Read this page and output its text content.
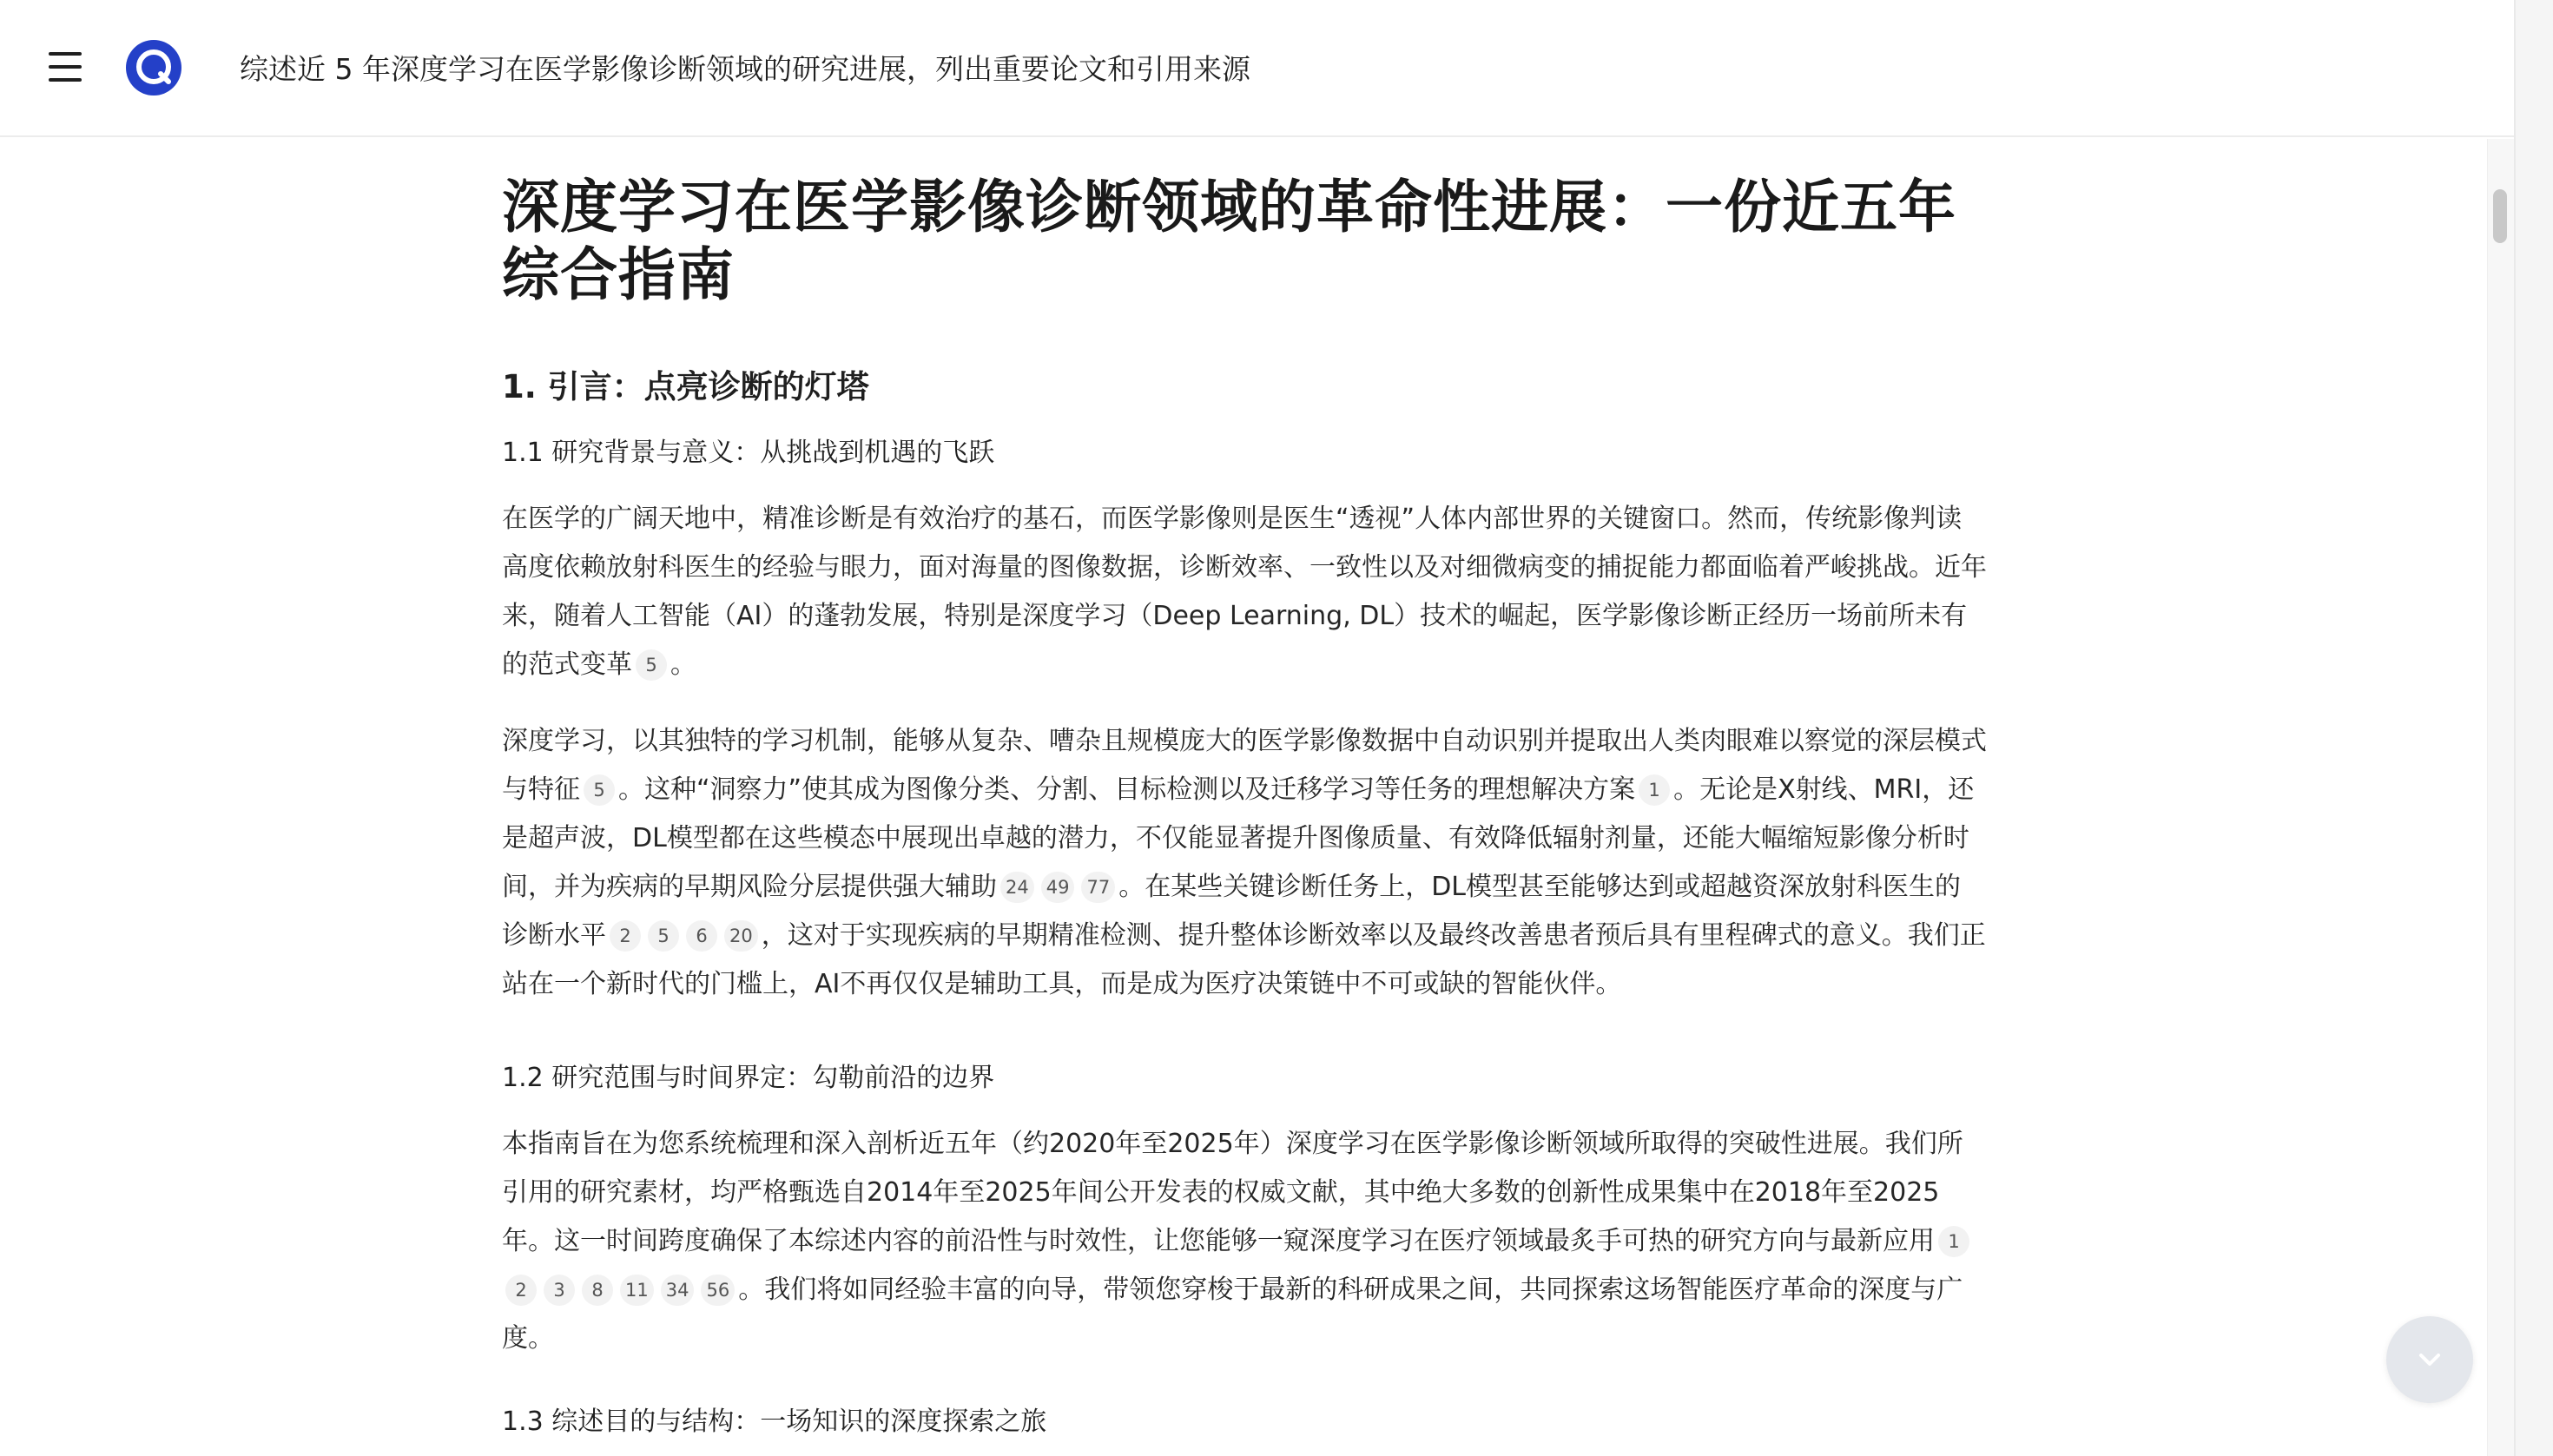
综述近 5 年深度学习在医学影像诊断领域的研究进展，列出重要论文和引用来源
深度学习在医学影像诊断领域的革命性进展：一份近五年综合指南
1. 引言：点亮诊断的灯塔
1.1 研究背景与意义：从挑战到机遇的飞跃

在医学的广阔天地中，精准诊断是有效治疗的基石，而医学影像则是医生“透视”人体内部世界的关键窗口。然而，传统影像判读高度依赖放射科医生的经验与眼力，面对海量的图像数据，诊断效率、一致性以及对细微病变的捕捉能力都面临着严峻挑战。近年来，随着人工智能（AI）的蓬勃发展，特别是深度学习（Deep Learning, DL）技术的崛起，医学影像诊断正经历一场前所未有的范式变革 5 。

深度学习，以其独特的学习机制，能够从复杂、嘈杂且规模庞大的医学影像数据中自动识别并提取出人类肉眼难以察觉的深层模式与特征 5 。这种“洞察力”使其成为图像分类、分割、目标检测以及迁移学习等任务的理想解决方案 1 。无论是X射线、MRI，还是超声波，DL模型都在这些模态中展现出卓越的潜力，不仅能显著提升图像质量、有效降低辐射剂量，还能大幅缩短影像分析时间，并为疾病的早期风险分层提供强大辅助 24 49 77 。在某些关键诊断任务上，DL模型甚至能够达到或超越资深放射科医生的诊断水平 2 5 6 20 ，这对于实现疾病的早期精准检测、提升整体诊断效率以及最终改善患者预后具有里程碑式的意义。我们正站在一个新时代的门槛上，AI不再仅仅是辅助工具，而是成为医疗决策链中不可或缺的智能伙伴。

1.2 研究范围与时间界定：勾勒前沿的边界

本指南旨在为您系统梳理和深入剖析近五年（约2020年至2025年）深度学习在医学影像诊断领域所取得的突破性进展。我们所引用的研究素材，均严格甄选自2014年至2025年间公开发表的权威文献，其中绝大多数的创新性成果集中在2018年至2025年。这一时间跨度确保了本综述内容的前沿性与时效性，让您能够一窥深度学习在医疗领域最炙手可热的研究方向与最新应用 12 3 8 11 34 56 。我们将如同经验丰富的向导，带领您穿梭于最新的科研成果之间，共同探索这场智能医疗革命的深度与广度。

1.3 综述目的与结构：一场知识的深度探索之旅
